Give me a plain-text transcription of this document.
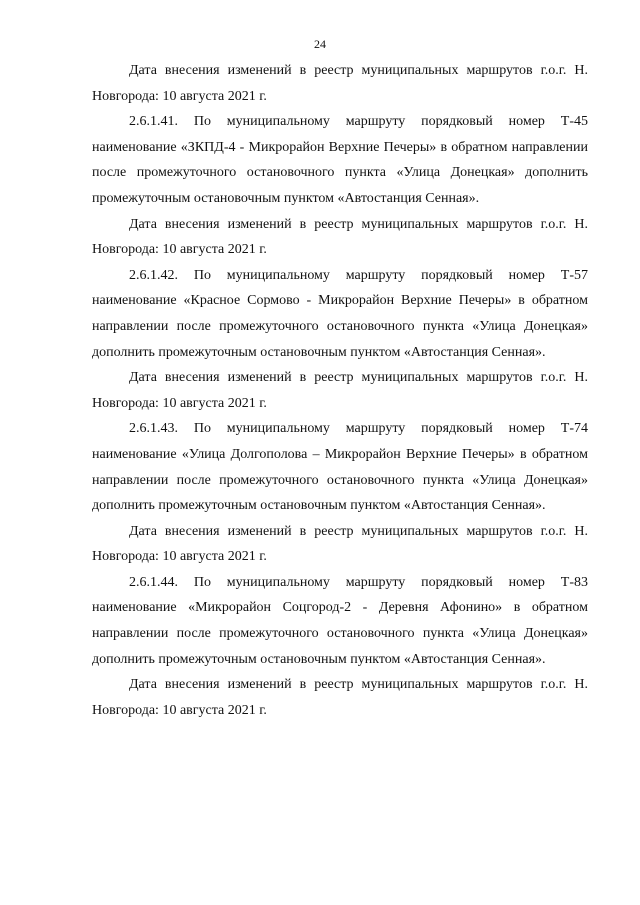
24

Дата внесения изменений в реестр муниципальных маршрутов г.о.г. Н. Новгорода: 10 августа 2021 г.

2.6.1.41. По муниципальному маршруту порядковый номер Т-45 наименование «ЗКПД-4 - Микрорайон Верхние Печеры» в обратном направлении после промежуточного остановочного пункта «Улица Донецкая» дополнить промежуточным остановочным пунктом «Автостанция Сенная».

Дата внесения изменений в реестр муниципальных маршрутов г.о.г. Н. Новгорода: 10 августа 2021 г.

2.6.1.42. По муниципальному маршруту порядковый номер Т-57 наименование «Красное Сормово - Микрорайон Верхние Печеры» в обратном направлении после промежуточного остановочного пункта «Улица Донецкая» дополнить промежуточным остановочным пунктом «Автостанция Сенная».

Дата внесения изменений в реестр муниципальных маршрутов г.о.г. Н. Новгорода: 10 августа 2021 г.

2.6.1.43. По муниципальному маршруту порядковый номер Т-74 наименование «Улица Долгополова – Микрорайон Верхние Печеры» в обратном направлении после промежуточного остановочного пункта «Улица Донецкая» дополнить промежуточным остановочным пунктом «Автостанция Сенная».

Дата внесения изменений в реестр муниципальных маршрутов г.о.г. Н. Новгорода: 10 августа 2021 г.

2.6.1.44. По муниципальному маршруту порядковый номер Т-83 наименование «Микрорайон Соцгород-2 - Деревня Афонино» в обратном направлении после промежуточного остановочного пункта «Улица Донецкая» дополнить промежуточным остановочным пунктом «Автостанция Сенная».

Дата внесения изменений в реестр муниципальных маршрутов г.о.г. Н. Новгорода: 10 августа 2021 г.
